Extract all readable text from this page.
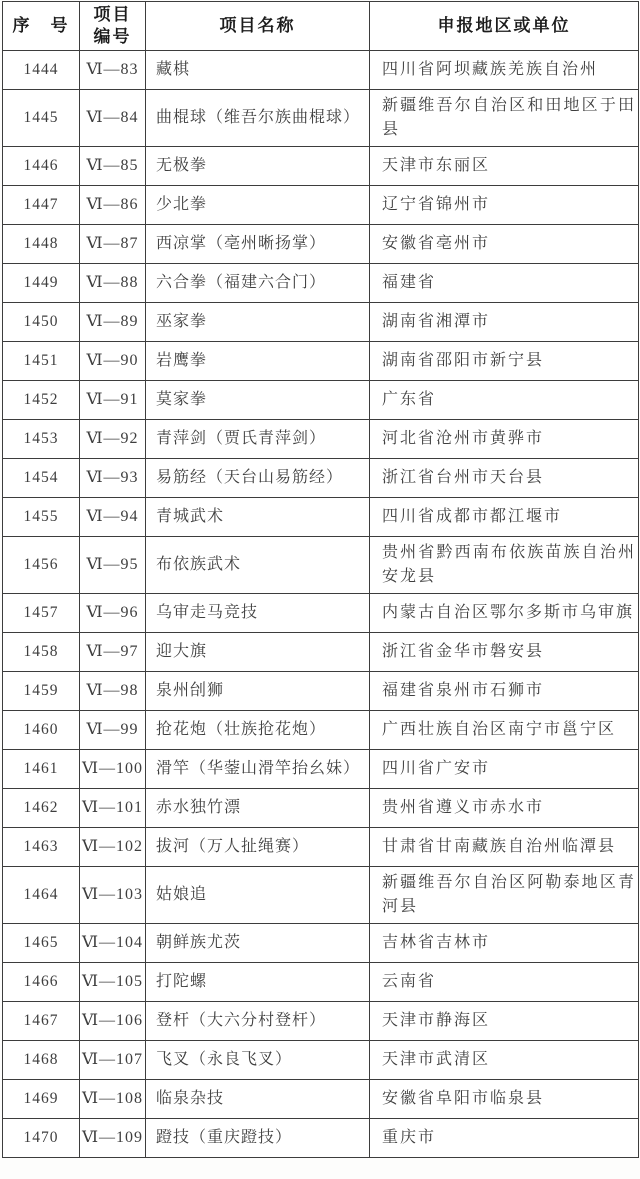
序　号	项目编号	项目名称	申报地区或单位
1444	Ⅵ—83	藏棋	四川省阿坝藏族羌族自治州
1445	Ⅵ—84	曲棍球（维吾尔族曲棍球）	新疆维吾尔自治区和田地区于田县
1446	Ⅵ—85	无极拳	天津市东丽区
1447	Ⅵ—86	少北拳	辽宁省锦州市
1448	Ⅵ—87	西凉掌（亳州晰扬掌）	安徽省亳州市
1449	Ⅵ—88	六合拳（福建六合门）	福建省
1450	Ⅵ—89	巫家拳	湖南省湘潭市
1451	Ⅵ—90	岩鹰拳	湖南省邵阳市新宁县
1452	Ⅵ—91	莫家拳	广东省
1453	Ⅵ—92	青萍剑（贾氏青萍剑）	河北省沧州市黄骅市
1454	Ⅵ—93	易筋经（天台山易筋经）	浙江省台州市天台县
1455	Ⅵ—94	青城武术	四川省成都市都江堰市
1456	Ⅵ—95	布依族武术	贵州省黔西南布依族苗族自治州安龙县
1457	Ⅵ—96	乌审走马竞技	内蒙古自治区鄂尔多斯市乌审旗
1458	Ⅵ—97	迎大旗	浙江省金华市磐安县
1459	Ⅵ—98	泉州刣狮	福建省泉州市石狮市
1460	Ⅵ—99	抢花炮（壮族抢花炮）	广西壮族自治区南宁市邕宁区
1461	Ⅵ—100	滑竿（华蓥山滑竿抬幺妹）	四川省广安市
1462	Ⅵ—101	赤水独竹漂	贵州省遵义市赤水市
1463	Ⅵ—102	拔河（万人扯绳赛）	甘肃省甘南藏族自治州临潭县
1464	Ⅵ—103	姑娘追	新疆维吾尔自治区阿勒泰地区青河县
1465	Ⅵ—104	朝鲜族尤茨	吉林省吉林市
1466	Ⅵ—105	打陀螺	云南省
1467	Ⅵ—106	登杆（大六分村登杆）	天津市静海区
1468	Ⅵ—107	飞叉（永良飞叉）	天津市武清区
1469	Ⅵ—108	临泉杂技	安徽省阜阳市临泉县
1470	Ⅵ—109	蹬技（重庆蹬技）	重庆市
